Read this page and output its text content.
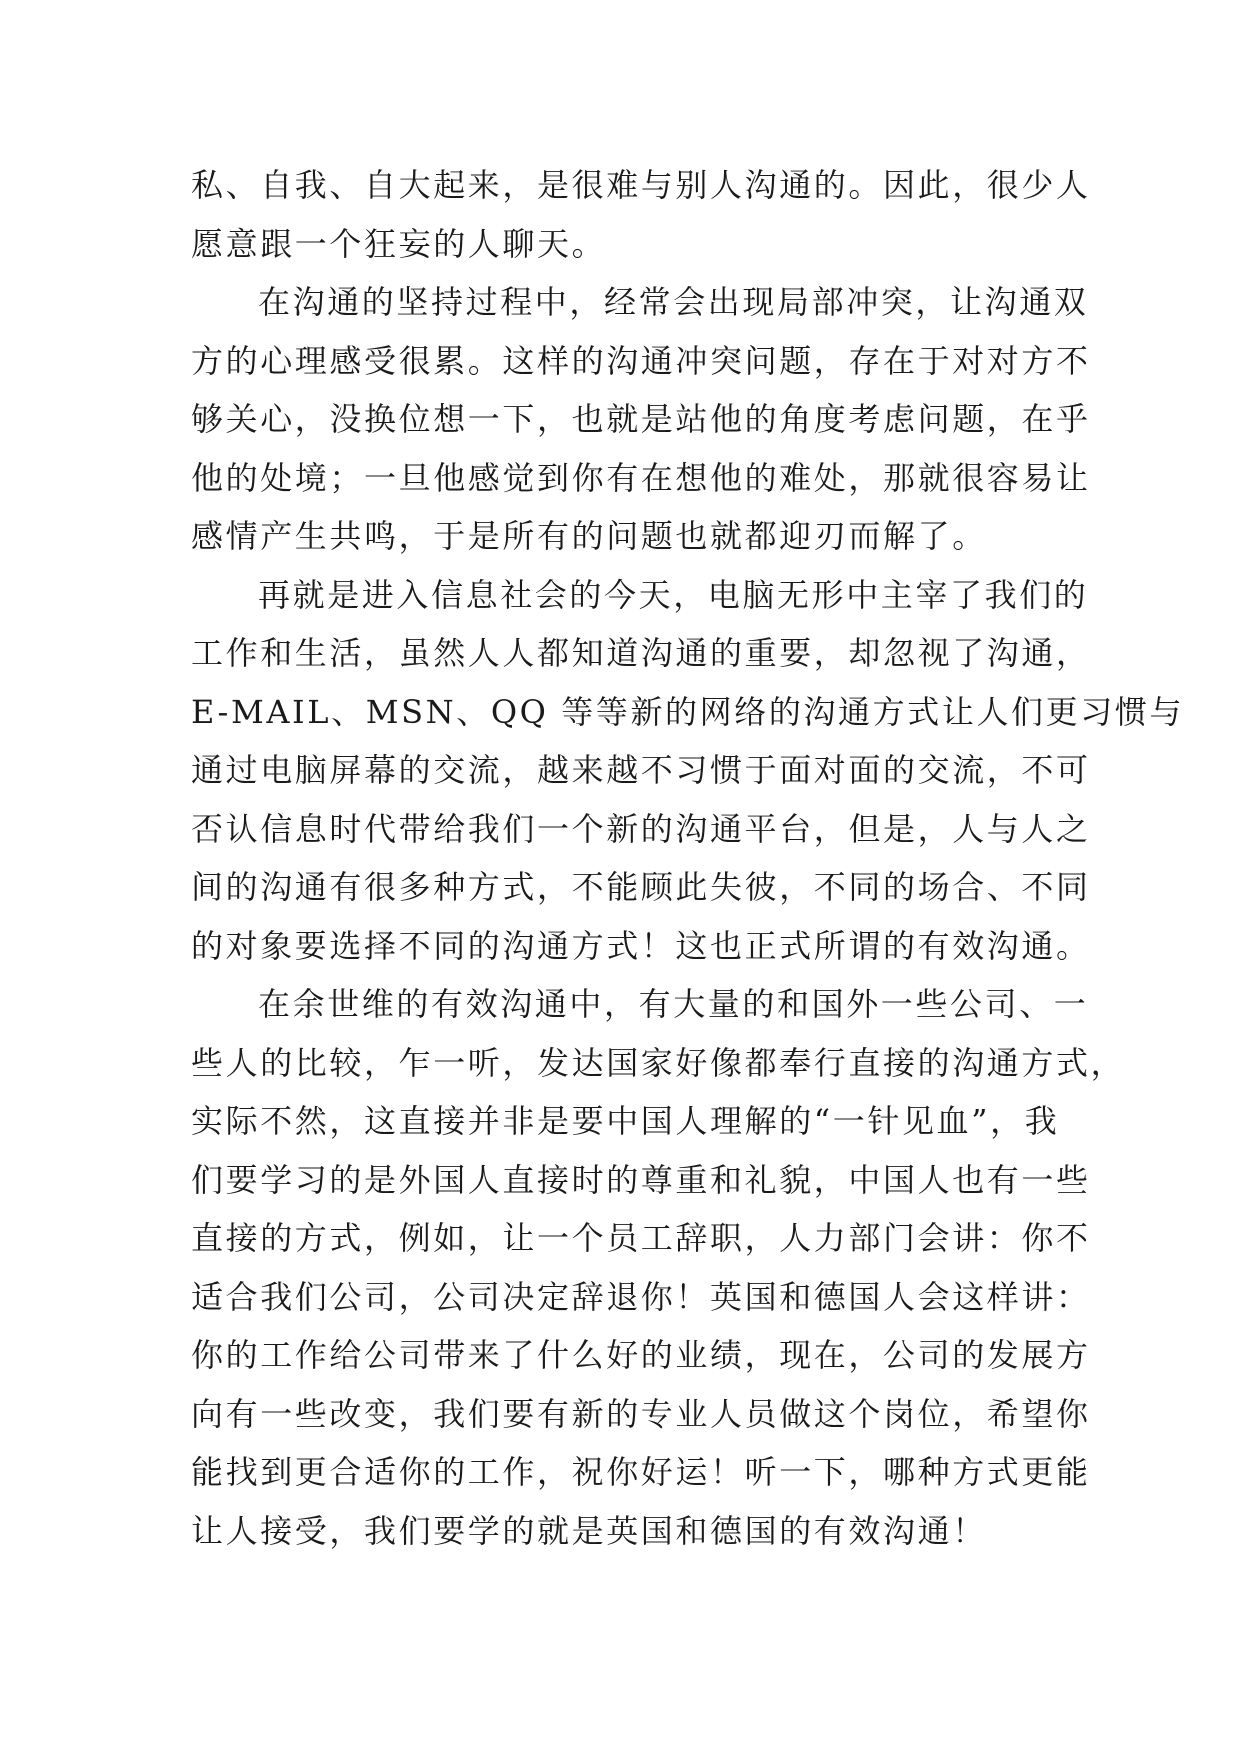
私、自我、自大起来，是很难与别人沟通的。因此，很少人
愿意跟一个狂妄的人聊天。
在沟通的坚持过程中，经常会出现局部冲突，让沟通双
方的心理感受很累。这样的沟通冲突问题，存在于对对方不
够关心，没换位想一下，也就是站他的角度考虑问题，在乎
他的处境；一旦他感觉到你有在想他的难处，那就很容易让
感情产生共鸣，于是所有的问题也就都迎刃而解了。
再就是进入信息社会的今天，电脑无形中主宰了我们的
工作和生活，虽然人人都知道沟通的重要，却忽视了沟通，
E-MAIL、MSN、QQ 等等新的网络的沟通方式让人们更习惯与
通过电脑屏幕的交流，越来越不习惯于面对面的交流，不可
否认信息时代带给我们一个新的沟通平台，但是，人与人之
间的沟通有很多种方式，不能顾此失彼，不同的场合、不同
的对象要选择不同的沟通方式！这也正式所谓的有效沟通。
在余世维的有效沟通中，有大量的和国外一些公司、一
些人的比较，乍一听，发达国家好像都奉行直接的沟通方式，
实际不然，这直接并非是要中国人理解的“一针见血”，我
们要学习的是外国人直接时的尊重和礼貌，中国人也有一些
直接的方式，例如，让一个员工辞职，人力部门会讲：你不
适合我们公司，公司决定辞退你！英国和德国人会这样讲：
你的工作给公司带来了什么好的业绩，现在，公司的发展方
向有一些改变，我们要有新的专业人员做这个岗位，希望你
能找到更合适你的工作，祝你好运！听一下，哪种方式更能
让人接受，我们要学的就是英国和德国的有效沟通！
